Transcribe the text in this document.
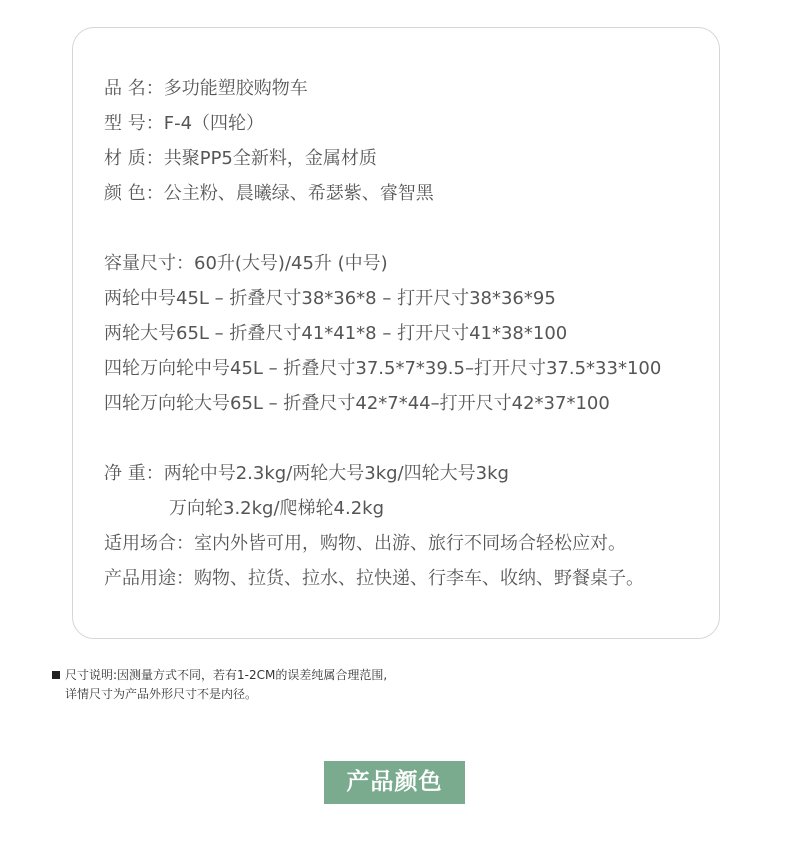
品 名：多功能塑胶购物车
型 号：F-4（四轮）
材 质：共聚PP5全新料，金属材质
颜 色：公主粉、晨曦绿、希瑟紫、睿智黑
容量尺寸：60升(大号)/45升 (中号)
两轮中号45L – 折叠尺寸38*36*8 – 打开尺寸38*36*95
两轮大号65L – 折叠尺寸41*41*8 – 打开尺寸41*38*100
四轮万向轮中号45L – 折叠尺寸37.5*7*39.5–打开尺寸37.5*33*100
四轮万向轮大号65L – 折叠尺寸42*7*44–打开尺寸42*37*100
净 重：两轮中号2.3kg/两轮大号3kg/四轮大号3kg
万向轮3.2kg/爬梯轮4.2kg
适用场合：室内外皆可用，购物、出游、旅行不同场合轻松应对。
产品用途：购物、拉货、拉水、拉快递、行李车、收纳、野餐桌子。
尺寸说明:因测量方式不同，若有1-2CM的误差纯属合理范围,
详情尺寸为产品外形尺寸不是内径。
产品颜色
